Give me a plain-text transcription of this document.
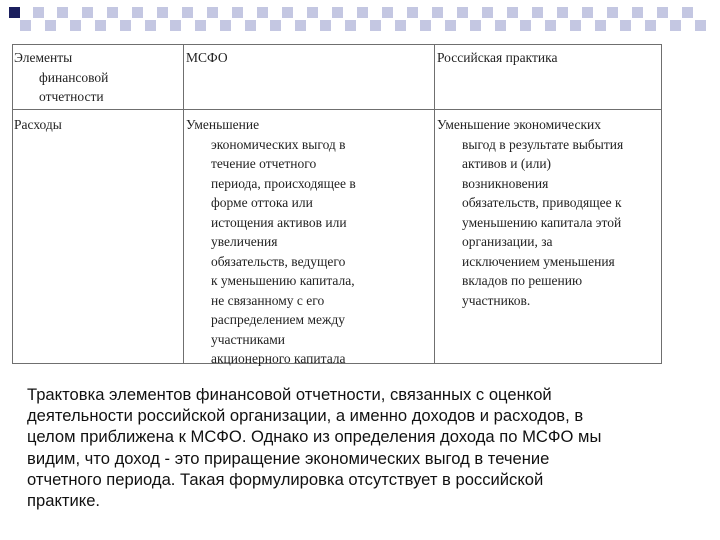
Элементы
финансовой
отчетности
МСФО	Российская практика
Расходы	Уменьшение
экономических выгод в
течение отчетного
периода, происходящее в
форме оттока или
истощения активов или
увеличения
обязательств, ведущего
к уменьшению капитала,
не связанному с его
распределением между
участниками
акционерного капитала
Уменьшение экономических
выгод в результате выбытия
активов и (или)
возникновения
обязательств, приводящее к
уменьшению капитала этой
организации, за
исключением уменьшения
вкладов по решению
участников.
Трактовка элементов финансовой отчетности, связанных с оценкой
деятельности российской организации, а именно доходов и расходов, в
целом приближена к МСФО. Однако из определения дохода по МСФО мы
видим, что доход - это приращение экономических выгод в течение
отчетного периода. Такая формулировка отсутствует в российской
практике.
